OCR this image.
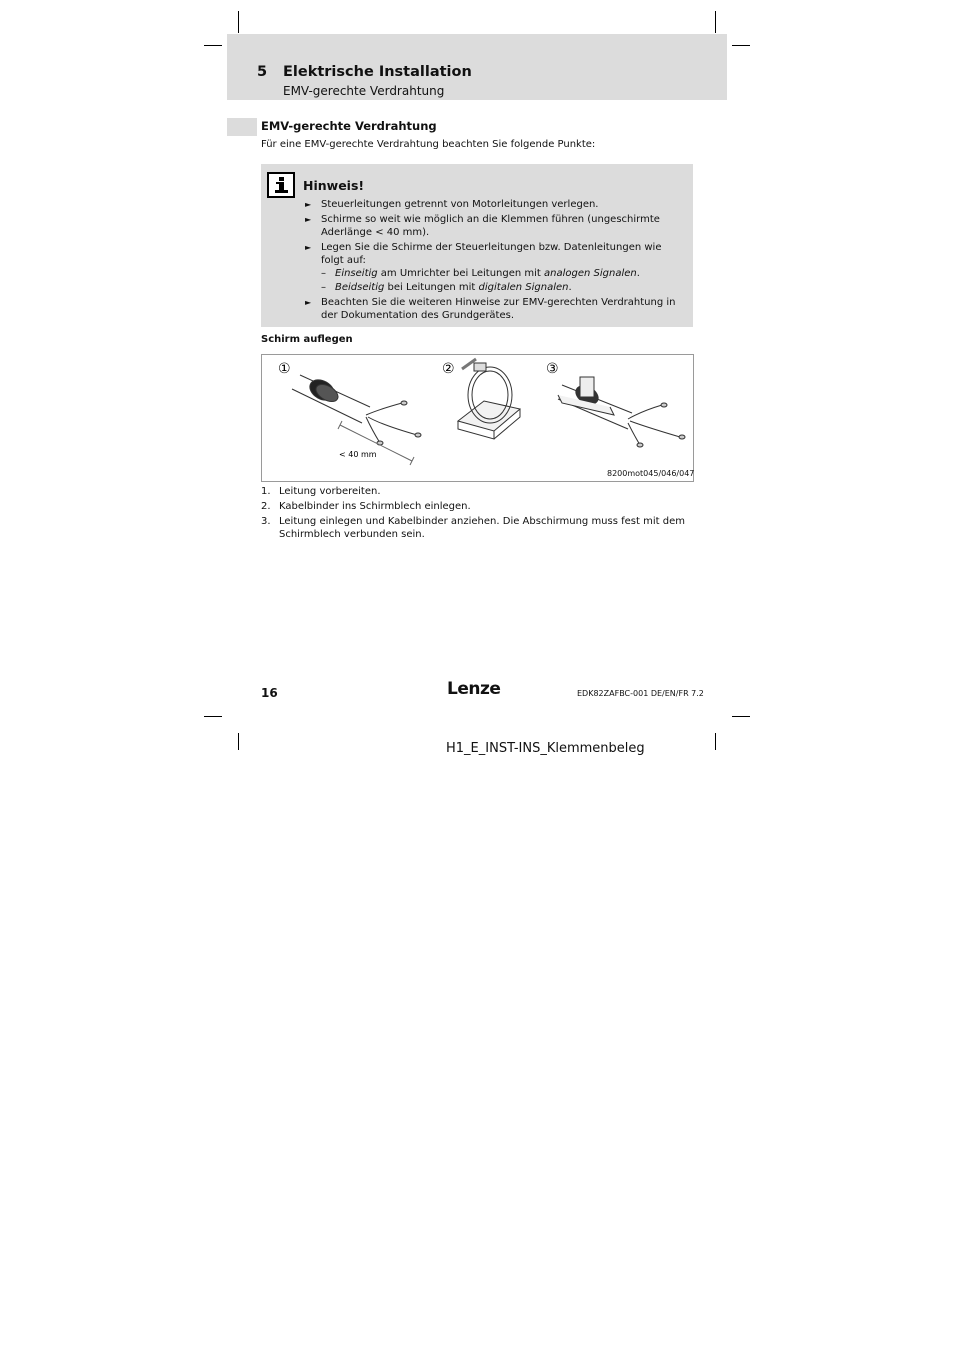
5 Elektrische Installation
EMV-gerechte Verdrahtung
EMV-gerechte Verdrahtung
Für eine EMV-gerechte Verdrahtung beachten Sie folgende Punkte:
Hinweis!
► Steuerleitungen getrennt von Motorleitungen verlegen.
► Schirme so weit wie möglich an die Klemmen führen (ungeschirmte Aderlänge < 40 mm).
► Legen Sie die Schirme der Steuerleitungen bzw. Datenleitungen wie folgt auf:
– Einseitig am Umrichter bei Leitungen mit analogen Signalen.
– Beidseitig bei Leitungen mit digitalen Signalen.
► Beachten Sie die weiteren Hinweise zur EMV-gerechten Verdrahtung in der Dokumentation des Grundgerätes.
Schirm auflegen
①	②	③
< 40 mm
8200mot045/046/047
1. Leitung vorbereiten.
2. Kabelbinder ins Schirmblech einlegen.
3. Leitung einlegen und Kabelbinder anziehen. Die Abschirmung muss fest mit dem Schirmblech verbunden sein.
16	Lenze	EDK82ZAFBC-001 DE/EN/FR 7.2
H1_E_INST-INS_Klemmenbeleg
